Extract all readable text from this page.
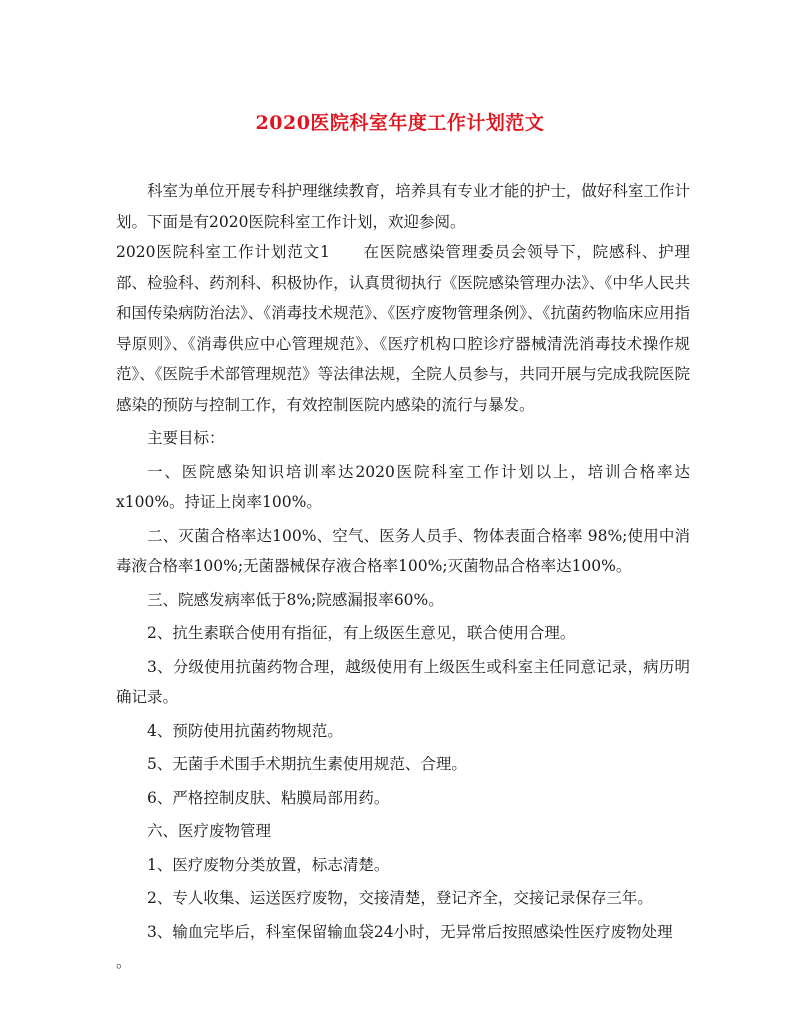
2020医院科室年度工作计划范文

科室为单位开展专科护理继续教育，培养具有专业才能的护士，做好科室工作计划。下面是有2020医院科室工作计划，欢迎参阅。

2020医院科室工作计划范文1　　在医院感染管理委员会领导下，院感科、护理部、检验科、药剂科、积极协作，认真贯彻执行《医院感染管理办法》、《中华人民共和国传染病防治法》、《消毒技术规范》、《医疗废物管理条例》、《抗菌药物临床应用指导原则》、《消毒供应中心管理规范》、《医疗机构口腔诊疗器械清洗消毒技术操作规范》、《医院手术部管理规范》等法律法规，全院人员参与，共同开展与完成我院医院感染的预防与控制工作，有效控制医院内感染的流行与暴发。

主要目标：

一、医院感染知识培训率达2020医院科室工作计划以上，培训合格率达x100%。持证上岗率100%。

二、灭菌合格率达100%、空气、医务人员手、物体表面合格率 98%;使用中消毒液合格率100%;无菌器械保存液合格率100%;灭菌物品合格率达100%。

三、院感发病率低于8%;院感漏报率60%。

2、抗生素联合使用有指征，有上级医生意见，联合使用合理。

3、分级使用抗菌药物合理，越级使用有上级医生或科室主任同意记录，病历明确记录。

4、预防使用抗菌药物规范。

5、无菌手术围手术期抗生素使用规范、合理。

6、严格控制皮肤、粘膜局部用药。

六、医疗废物管理

1、医疗废物分类放置，标志清楚。

2、专人收集、运送医疗废物，交接清楚，登记齐全，交接记录保存三年。

3、输血完毕后，科室保留输血袋24小时，无异常后按照感染性医疗废物处理

。
